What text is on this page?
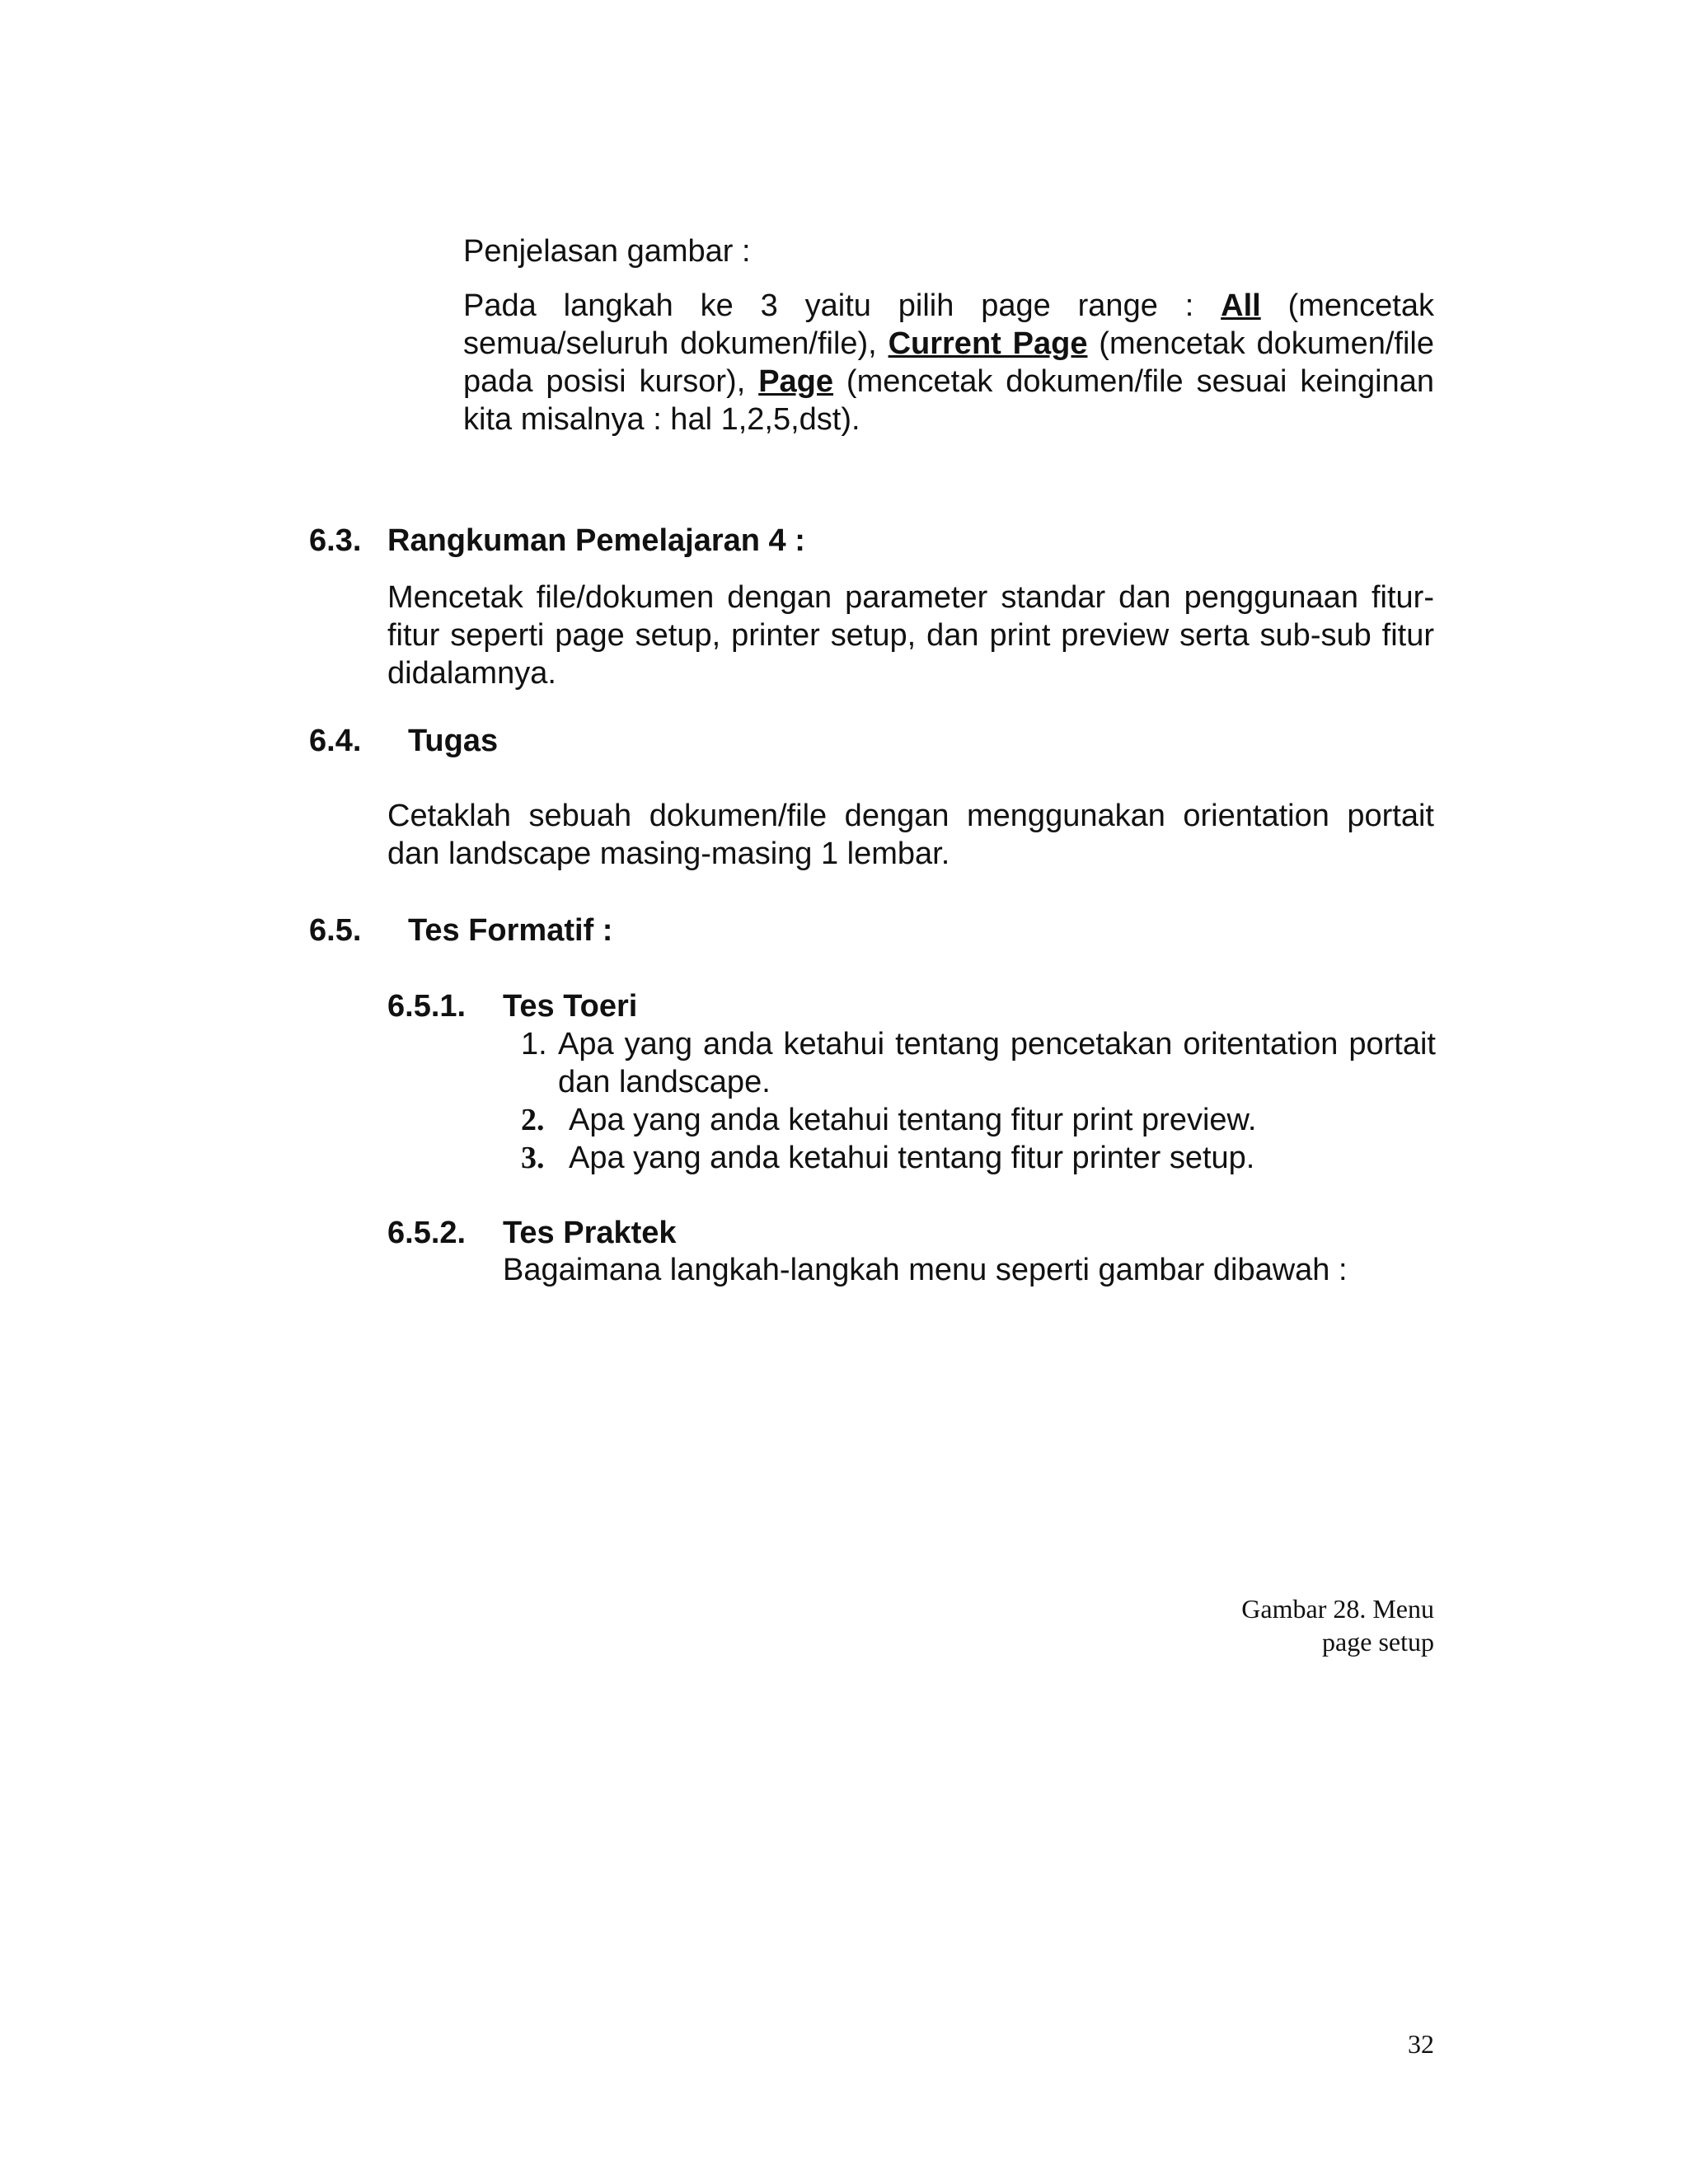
Penjelasan gambar :

Pada langkah ke 3 yaitu pilih page range : All (mencetak semua/seluruh dokumen/file), Current Page (mencetak dokumen/file pada posisi kursor), Page (mencetak dokumen/file sesuai keinginan kita misalnya : hal 1,2,5,dst).

6.3. Rangkuman Pemelajaran 4 :

Mencetak file/dokumen dengan parameter standar dan penggunaan fitur-fitur seperti page setup, printer setup, dan print preview serta sub-sub fitur didalamnya.

6.4. Tugas

Cetaklah sebuah dokumen/file dengan menggunakan orientation portait dan landscape masing-masing 1 lembar.

6.5. Tes Formatif :
6.5.1. Tes Toeri
1. Apa yang anda ketahui tentang pencetakan oritentation portait dan landscape.
2. Apa yang anda ketahui tentang fitur print preview.
3. Apa yang anda ketahui tentang fitur printer setup.
6.5.2. Tes Praktek

Bagaimana langkah-langkah menu seperti gambar dibawah :

Gambar 28. Menu
page setup

32
